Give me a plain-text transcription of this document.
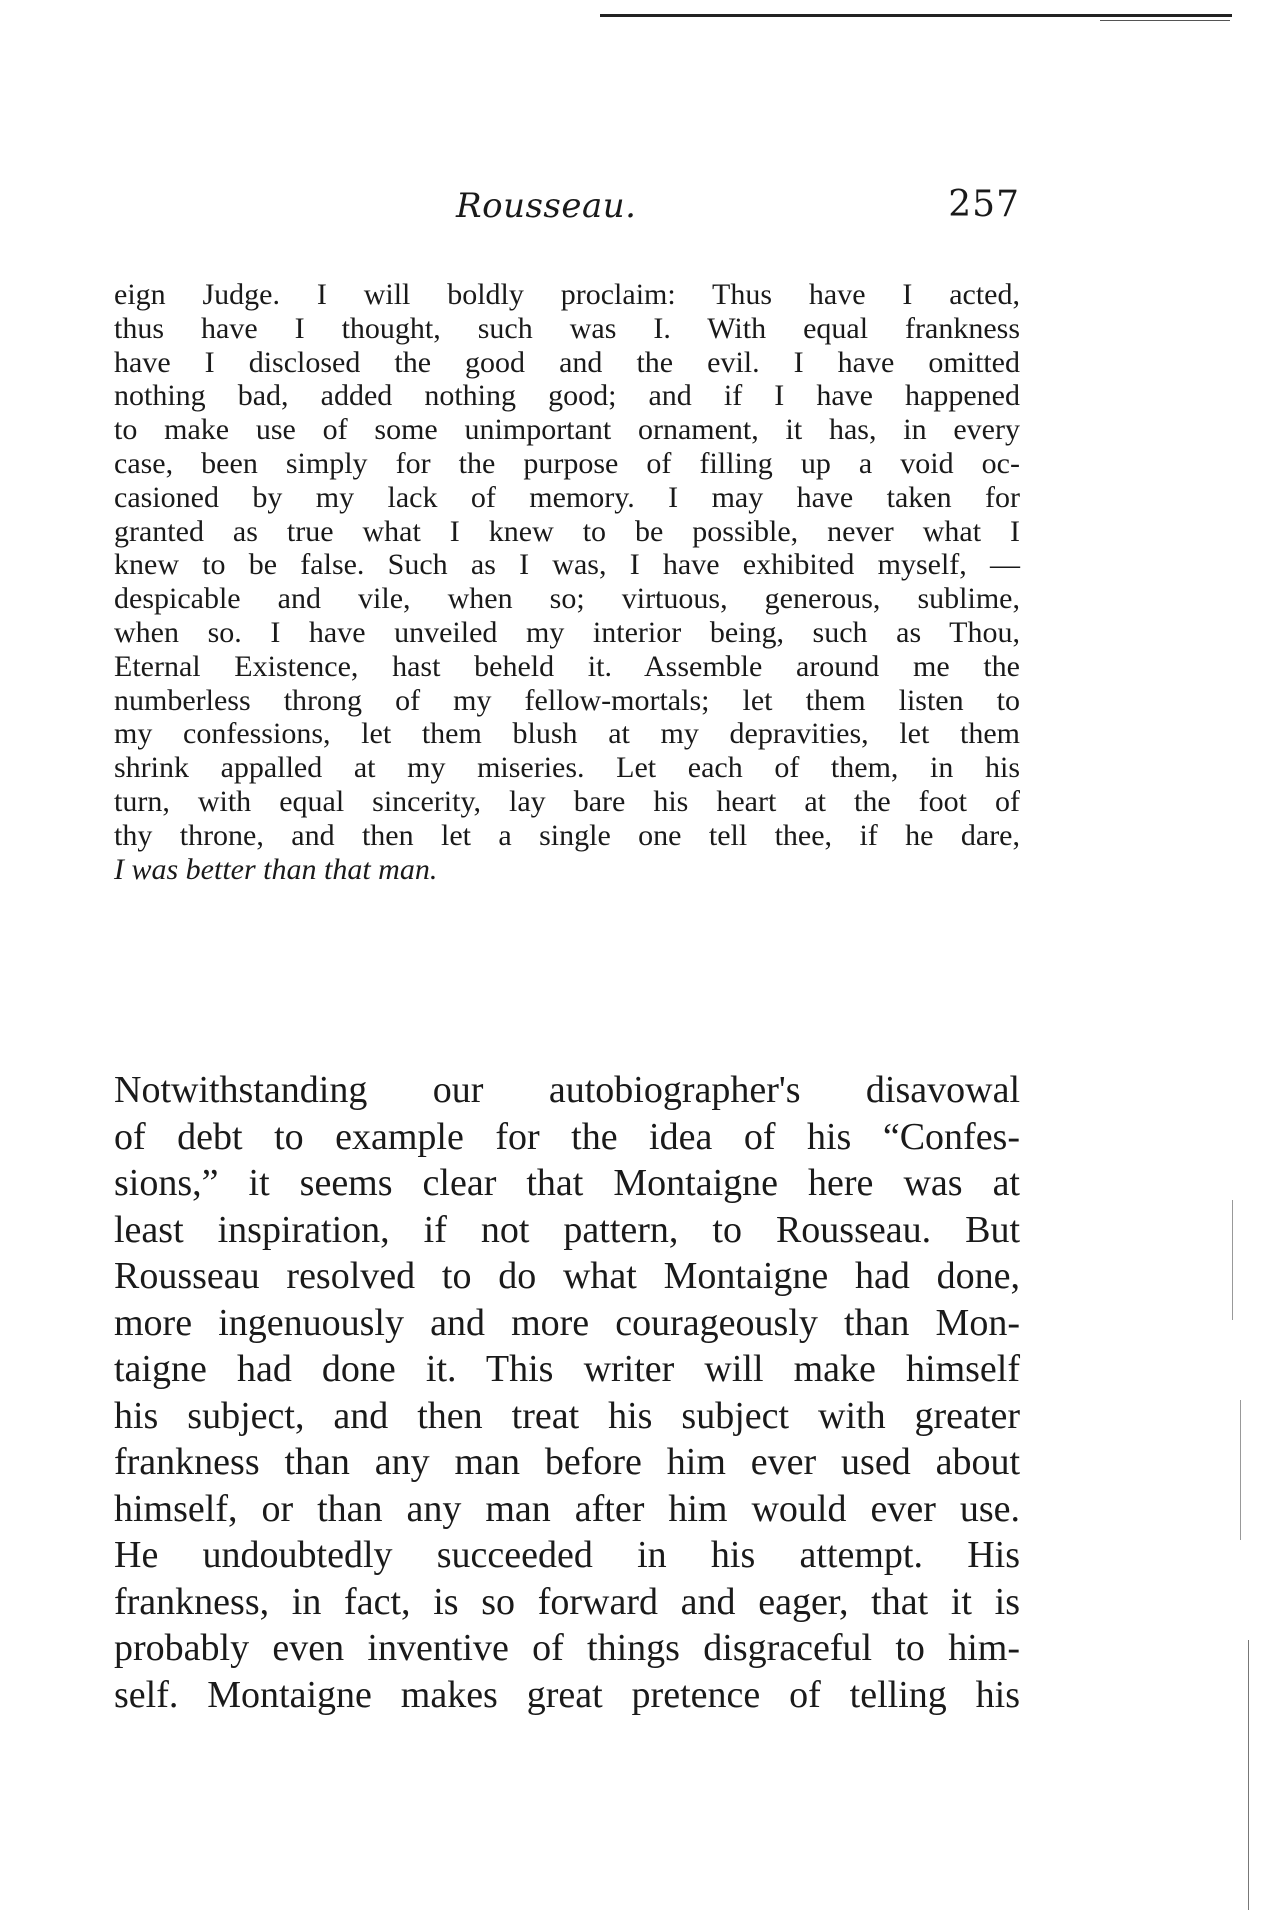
Rousseau.	257
eign Judge. I will boldly proclaim: Thus have I acted,
thus have I thought, such was I. With equal frankness
have I disclosed the good and the evil. I have omitted
nothing bad, added nothing good; and if I have happened
to make use of some unimportant ornament, it has, in every
case, been simply for the purpose of filling up a void oc-
casioned by my lack of memory. I may have taken for
granted as true what I knew to be possible, never what I
knew to be false. Such as I was, I have exhibited myself, —
despicable and vile, when so; virtuous, generous, sublime,
when so. I have unveiled my interior being, such as Thou,
Eternal Existence, hast beheld it. Assemble around me the
numberless throng of my fellow-mortals; let them listen to
my confessions, let them blush at my depravities, let them
shrink appalled at my miseries. Let each of them, in his
turn, with equal sincerity, lay bare his heart at the foot of
thy throne, and then let a single one tell thee, if he dare,
I was better than that man.
Notwithstanding our autobiographer's disavowal
of debt to example for the idea of his “Confes-
sions,” it seems clear that Montaigne here was at
least inspiration, if not pattern, to Rousseau. But
Rousseau resolved to do what Montaigne had done,
more ingenuously and more courageously than Mon-
taigne had done it. This writer will make himself
his subject, and then treat his subject with greater
frankness than any man before him ever used about
himself, or than any man after him would ever use.
He undoubtedly succeeded in his attempt. His
frankness, in fact, is so forward and eager, that it is
probably even inventive of things disgraceful to him-
self. Montaigne makes great pretence of telling his
